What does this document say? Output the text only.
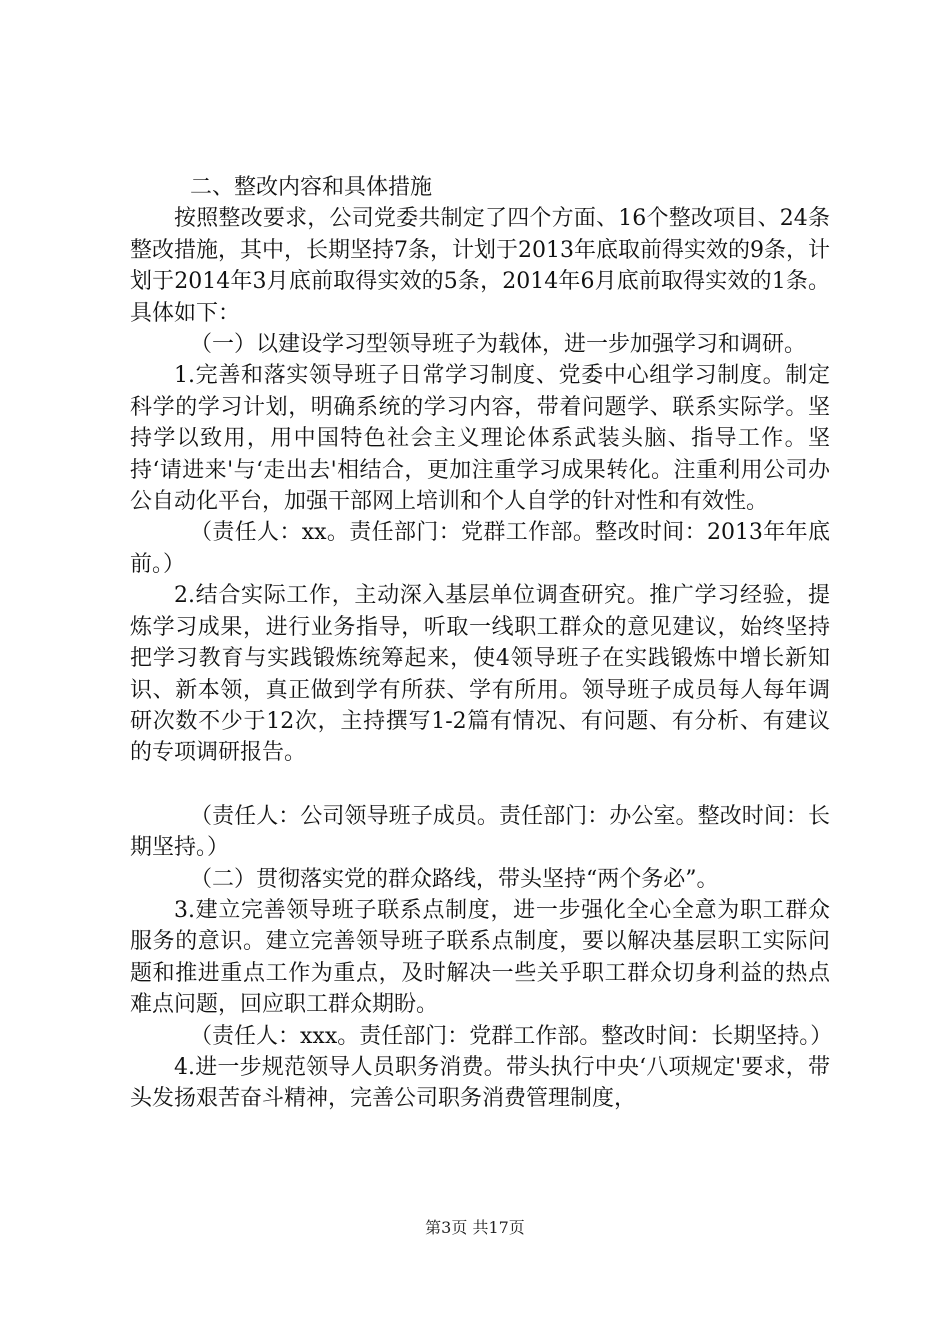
二、整改内容和具体措施

按照整改要求，公司党委共制定了四个方面、16个整改项目、24条整改措施，其中，长期坚持7条，计划于2013年底取前得实效的9条，计划于2014年3月底前取得实效的5条，2014年6月底前取得实效的1条。具体如下：

（一）以建设学习型领导班子为载体，进一步加强学习和调研。

1.完善和落实领导班子日常学习制度、党委中心组学习制度。制定科学的学习计划，明确系统的学习内容，带着问题学、联系实际学。坚持学以致用，用中国特色社会主义理论体系武装头脑、指导工作。坚持‘请进来'与‘走出去'相结合，更加注重学习成果转化。注重利用公司办公自动化平台，加强干部网上培训和个人自学的针对性和有效性。

（责任人：xx。责任部门：党群工作部。整改时间：2013年年底前。）

2.结合实际工作，主动深入基层单位调查研究。推广学习经验，提炼学习成果，进行业务指导，听取一线职工群众的意见建议，始终坚持把学习教育与实践锻炼统筹起来，使4领导班子在实践锻炼中增长新知识、新本领，真正做到学有所获、学有所用。领导班子成员每人每年调研次数不少于12次，主持撰写1-2篇有情况、有问题、有分析、有建议的专项调研报告。

（责任人：公司领导班子成员。责任部门：办公室。整改时间：长期坚持。）

（二）贯彻落实党的群众路线，带头坚持“两个务必”。

3.建立完善领导班子联系点制度，进一步强化全心全意为职工群众服务的意识。建立完善领导班子联系点制度，要以解决基层职工实际问题和推进重点工作为重点，及时解决一些关乎职工群众切身利益的热点难点问题，回应职工群众期盼。

（责任人：xxx。责任部门：党群工作部。整改时间：长期坚持。）

4.进一步规范领导人员职务消费。带头执行中央‘八项规定'要求，带头发扬艰苦奋斗精神，完善公司职务消费管理制度，

第3页 共17页
